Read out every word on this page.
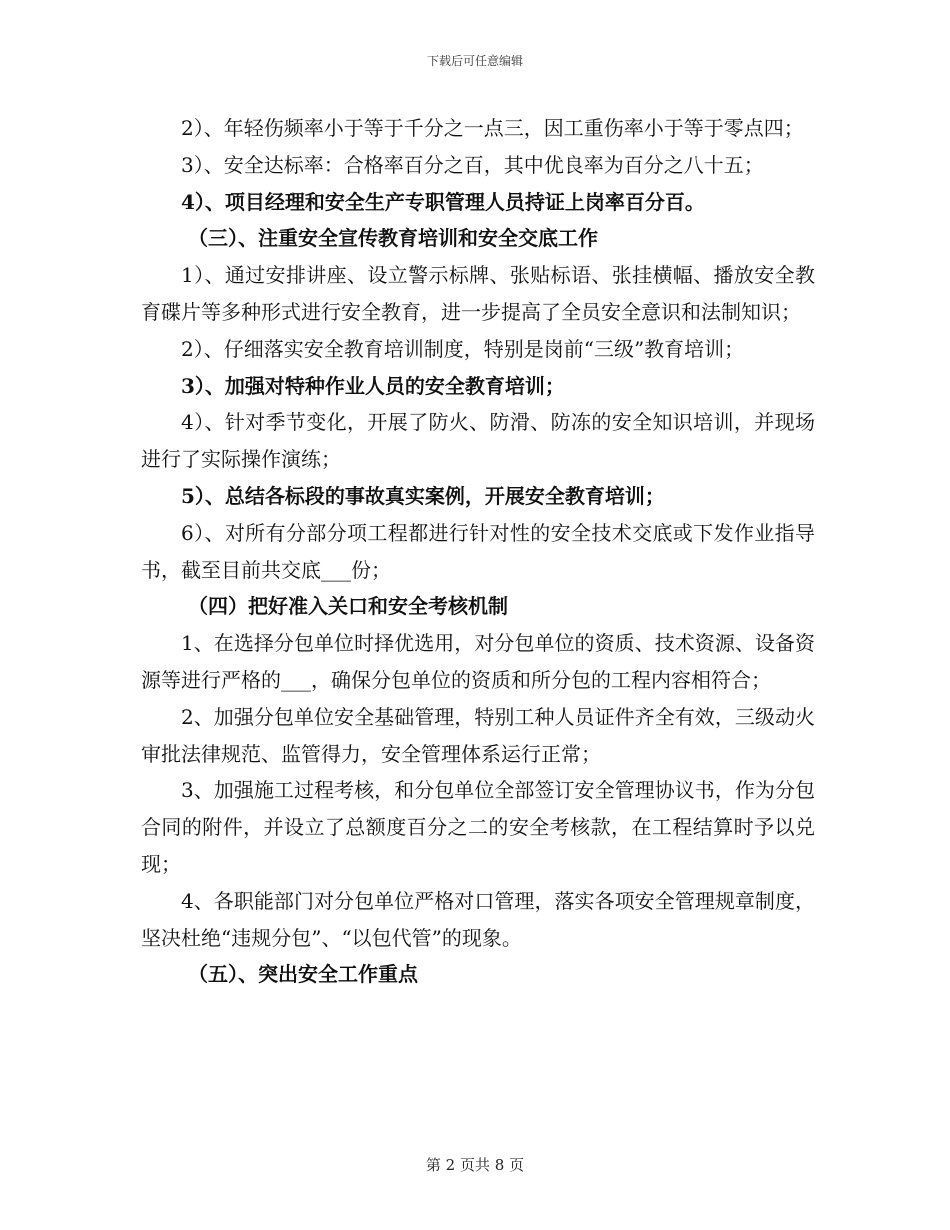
下载后可任意编辑

2）、年轻伤频率小于等于千分之一点三，因工重伤率小于等于零点四；

3）、安全达标率：合格率百分之百，其中优良率为百分之八十五；

4）、项目经理和安全生产专职管理人员持证上岗率百分百。

（三）、注重安全宣传教育培训和安全交底工作

1）、通过安排讲座、设立警示标牌、张贴标语、张挂横幅、播放安全教育碟片等多种形式进行安全教育，进一步提高了全员安全意识和法制知识；

2）、仔细落实安全教育培训制度，特别是岗前“三级”教育培训；

3）、加强对特种作业人员的安全教育培训；

4）、针对季节变化，开展了防火、防滑、防冻的安全知识培训，并现场进行了实际操作演练；

5）、总结各标段的事故真实案例，开展安全教育培训；

6）、对所有分部分项工程都进行针对性的安全技术交底或下发作业指导书，截至目前共交底___份；

（四）把好准入关口和安全考核机制

1、在选择分包单位时择优选用，对分包单位的资质、技术资源、设备资源等进行严格的___，确保分包单位的资质和所分包的工程内容相符合；

2、加强分包单位安全基础管理，特别工种人员证件齐全有效，三级动火审批法律规范、监管得力，安全管理体系运行正常；

3、加强施工过程考核，和分包单位全部签订安全管理协议书，作为分包合同的附件，并设立了总额度百分之二的安全考核款，在工程结算时予以兑现；

4、各职能部门对分包单位严格对口管理，落实各项安全管理规章制度，坚决杜绝“违规分包”、“以包代管”的现象。

（五）、突出安全工作重点

第 2 页共 8 页
